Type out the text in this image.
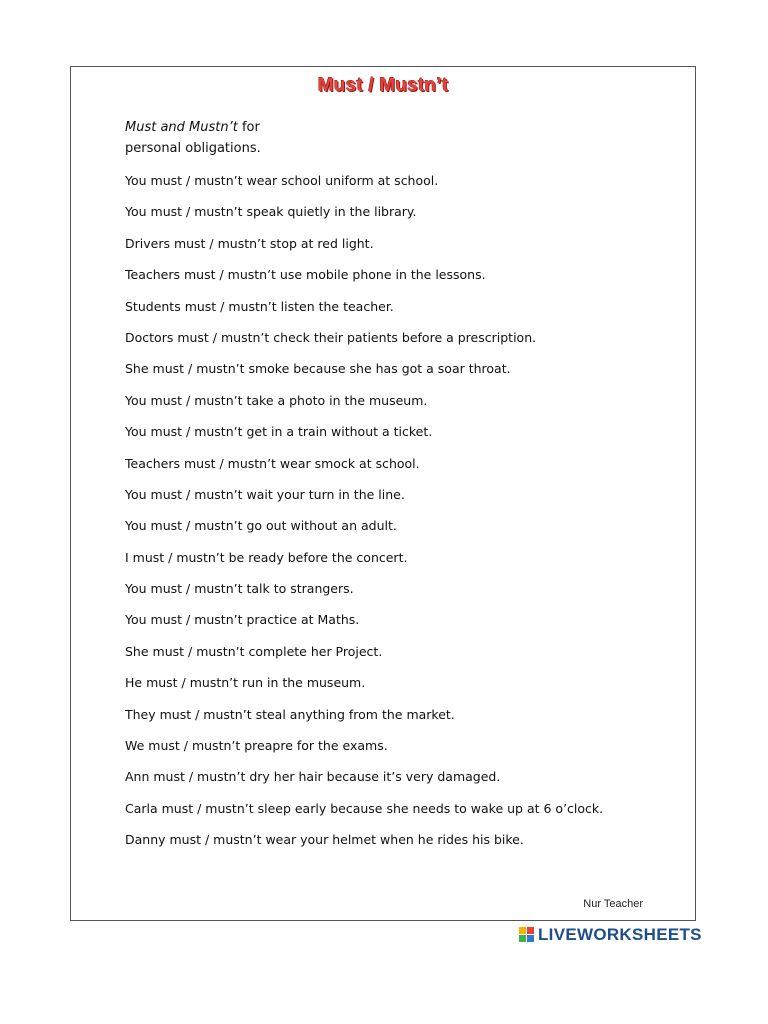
Must / Mustn’t
Must and Mustn’t for
personal obligations.
You must / mustn’t wear school uniform at school.
You must / mustn’t speak quietly in the library.
Drivers must / mustn’t stop at red light.
Teachers must / mustn’t use mobile phone in the lessons.
Students must / mustn’t listen the teacher.
Doctors must / mustn’t check their patients before a prescription.
She must / mustn’t smoke because she has got a soar throat.
You must / mustn’t take a photo in the museum.
You must / mustn’t get in a train without a ticket.
Teachers must / mustn’t wear smock at school.
You must / mustn’t wait your turn in the line.
You must / mustn’t go out without an adult.
I must / mustn’t be ready before the concert.
You must / mustn’t talk to strangers.
You must / mustn’t practice at Maths.
She must / mustn’t complete her Project.
He must / mustn’t run in the museum.
They must / mustn’t steal anything from the market.
We must / mustn’t preapre for the exams.
Ann must / mustn’t dry her hair because it’s very damaged.
Carla must / mustn’t sleep early because she needs to wake up at 6 o’clock.
Danny must / mustn’t wear your helmet when he rides his bike.
Nur Teacher
LIVEWORKSHEETS
